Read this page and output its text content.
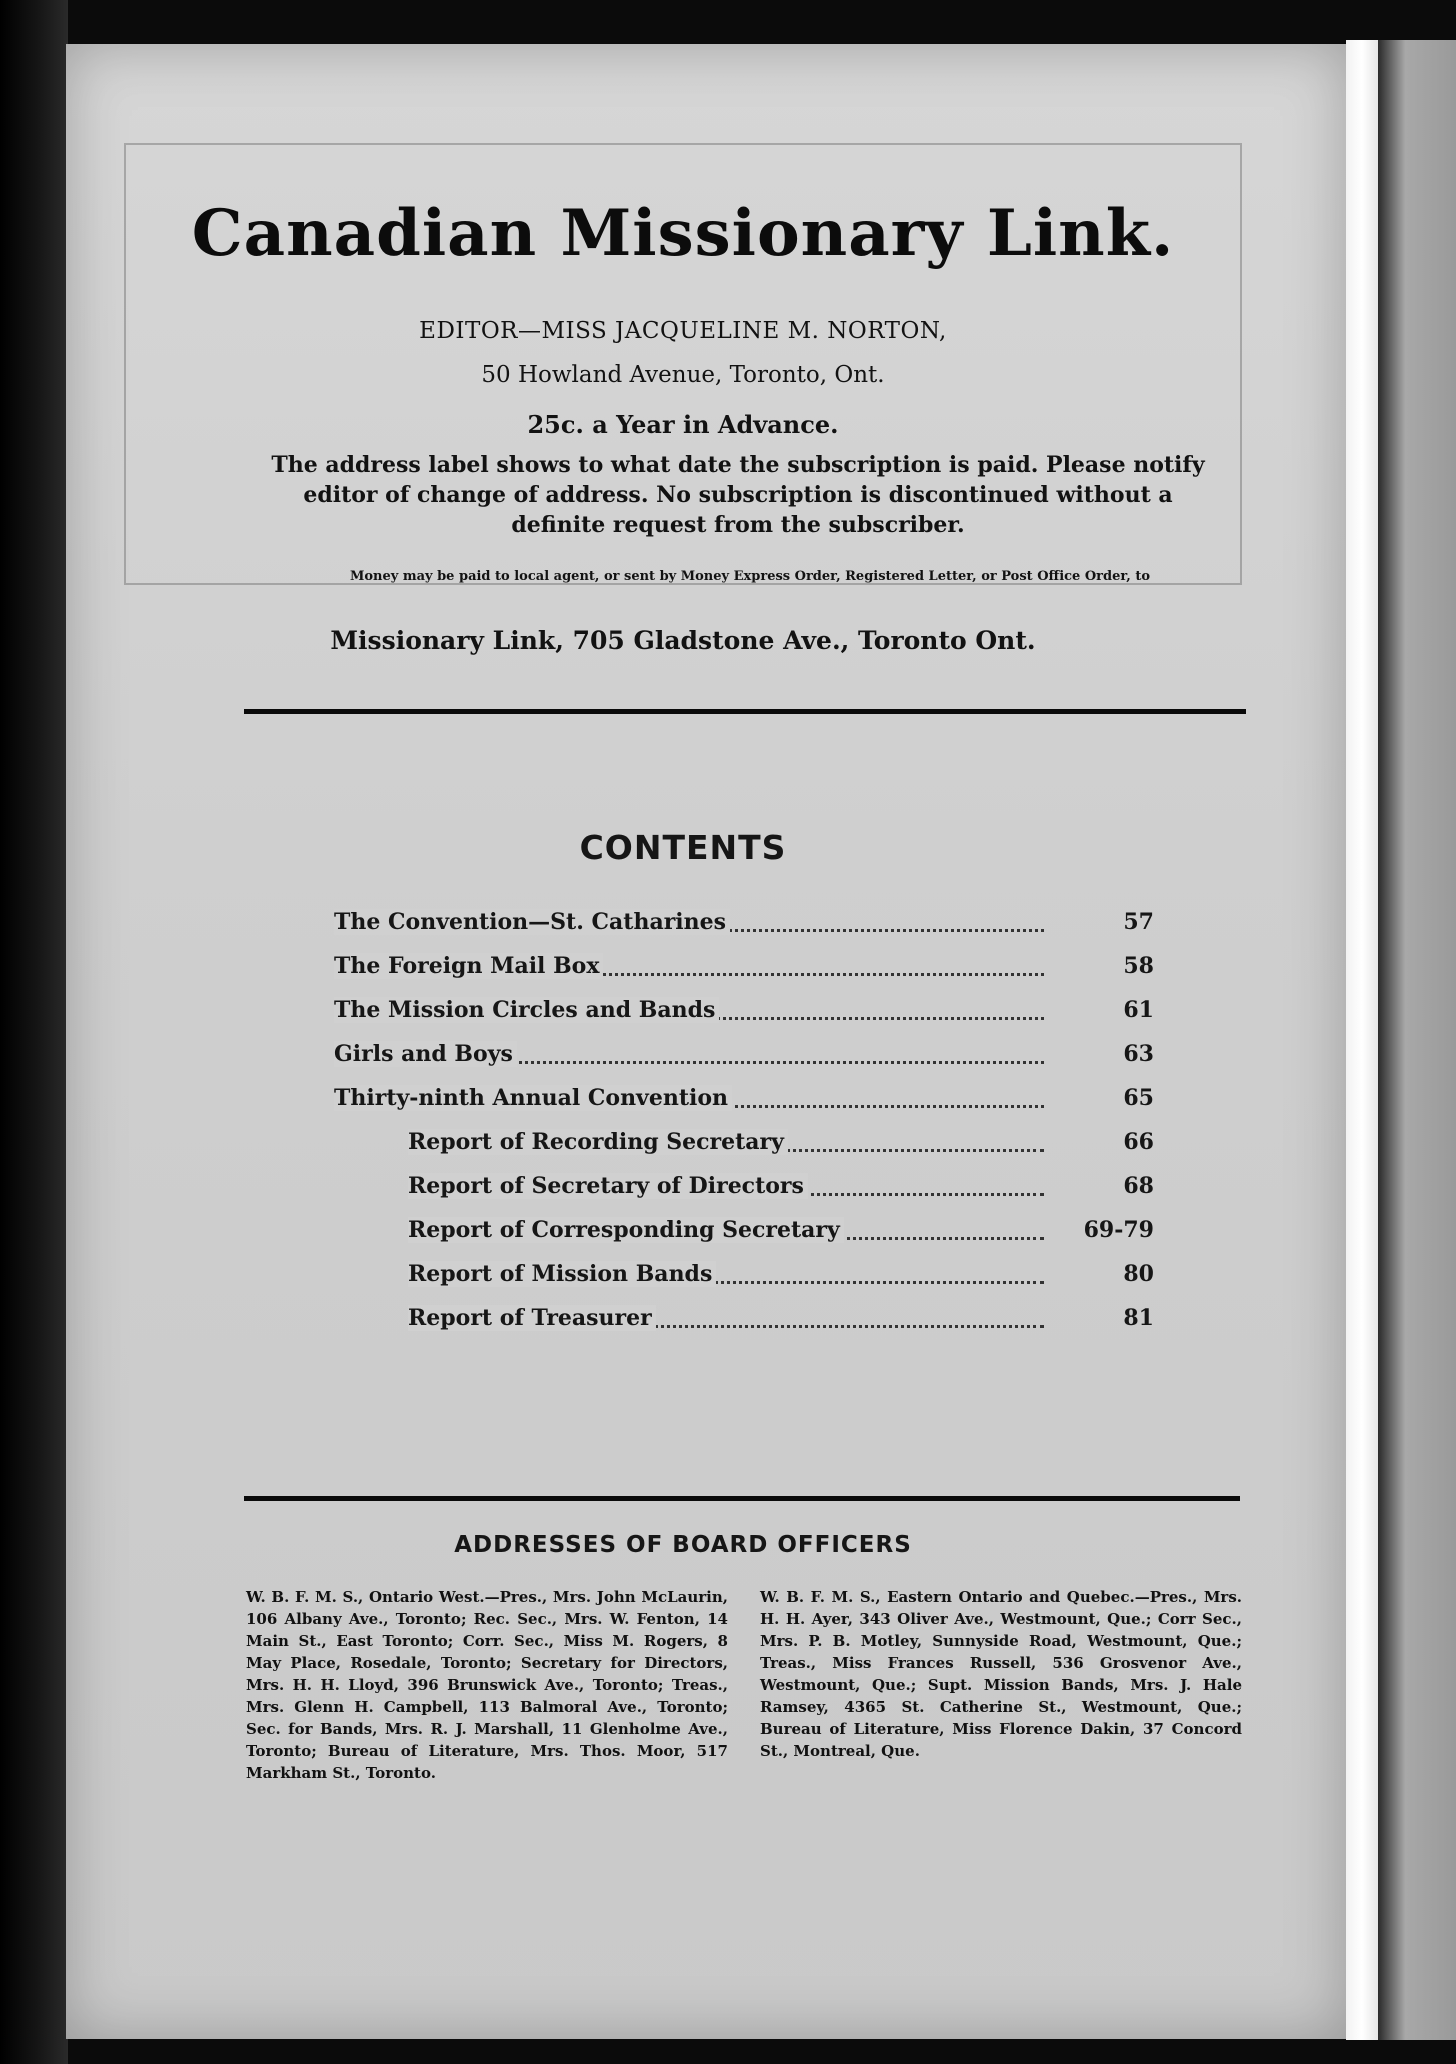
Canadian Missionary Link.
EDITOR—MISS JACQUELINE M. NORTON,
50 Howland Avenue, Toronto, Ont.
25c. a Year in Advance.
The address label shows to what date the subscription is paid. Please notify editor of change of address. No subscription is discontinued without a definite request from the subscriber.
Money may be paid to local agent, or sent by Money Express Order, Registered Letter, or Post Office Order, to
Missionary Link, 705 Gladstone Ave., Toronto Ont.
CONTENTS
The Convention—St. Catharines	57
The Foreign Mail Box	58
The Mission Circles and Bands	61
Girls and Boys	63
Thirty-ninth Annual Convention	65
Report of Recording Secretary	66
Report of Secretary of Directors	68
Report of Corresponding Secretary	69-79
Report of Mission Bands	80
Report of Treasurer	81
ADDRESSES OF BOARD OFFICERS
W. B. F. M. S., Ontario West.—Pres., Mrs. John McLaurin, 106 Albany Ave., Toronto; Rec. Sec., Mrs. W. Fenton, 14 Main St., East Toronto; Corr. Sec., Miss M. Rogers, 8 May Place, Rosedale, Toronto; Secretary for Directors, Mrs. H. H. Lloyd, 396 Brunswick Ave., Toronto; Treas., Mrs. Glenn H. Campbell, 113 Balmoral Ave., Toronto; Sec. for Bands, Mrs. R. J. Marshall, 11 Glenholme Ave., Toronto; Bureau of Literature, Mrs. Thos. Moor, 517 Markham St., Toronto.
W. B. F. M. S., Eastern Ontario and Quebec.—Pres., Mrs. H. H. Ayer, 343 Oliver Ave., Westmount, Que.; Corr Sec., Mrs. P. B. Motley, Sunnyside Road, Westmount, Que.; Treas., Miss Frances Russell, 536 Grosvenor Ave., Westmount, Que.; Supt. Mission Bands, Mrs. J. Hale Ramsey, 4365 St. Catherine St., Westmount, Que.; Bureau of Literature, Miss Florence Dakin, 37 Concord St., Montreal, Que.
